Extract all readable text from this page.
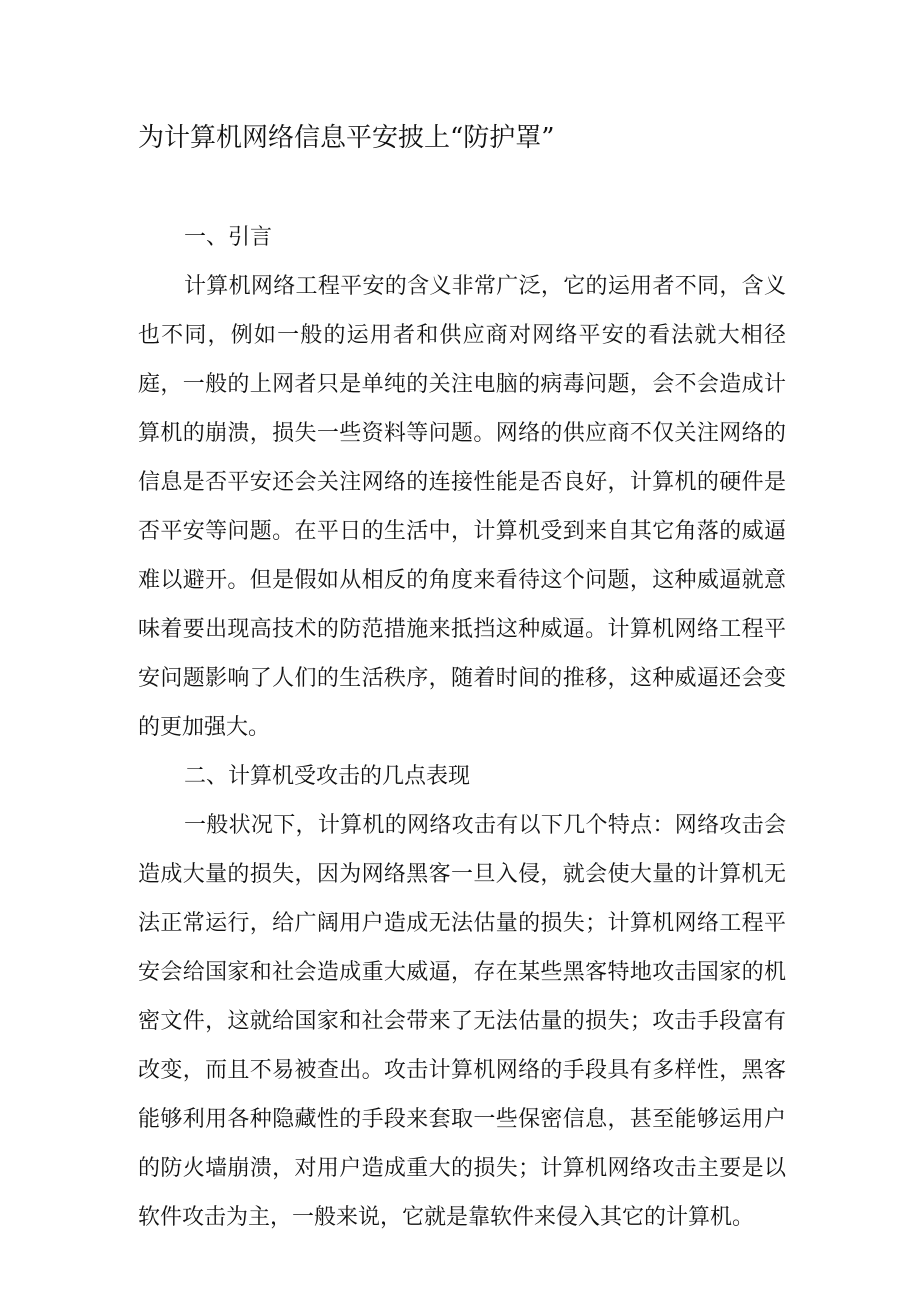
为计算机网络信息平安披上“防护罩”

一、引言

计算机网络工程平安的含义非常广泛，它的运用者不同，含义也不同，例如一般的运用者和供应商对网络平安的看法就大相径庭，一般的上网者只是单纯的关注电脑的病毒问题，会不会造成计算机的崩溃，损失一些资料等问题。网络的供应商不仅关注网络的信息是否平安还会关注网络的连接性能是否良好，计算机的硬件是否平安等问题。在平日的生活中，计算机受到来自其它角落的威逼难以避开。但是假如从相反的角度来看待这个问题，这种威逼就意味着要出现高技术的防范措施来抵挡这种威逼。计算机网络工程平安问题影响了人们的生活秩序，随着时间的推移，这种威逼还会变的更加强大。

二、计算机受攻击的几点表现

一般状况下，计算机的网络攻击有以下几个特点：网络攻击会造成大量的损失，因为网络黑客一旦入侵，就会使大量的计算机无法正常运行，给广阔用户造成无法估量的损失；计算机网络工程平安会给国家和社会造成重大威逼，存在某些黑客特地攻击国家的机密文件，这就给国家和社会带来了无法估量的损失；攻击手段富有改变，而且不易被查出。攻击计算机网络的手段具有多样性，黑客能够利用各种隐藏性的手段来套取一些保密信息，甚至能够运用户的防火墙崩溃，对用户造成重大的损失；计算机网络攻击主要是以软件攻击为主，一般来说，它就是靠软件来侵入其它的计算机。
